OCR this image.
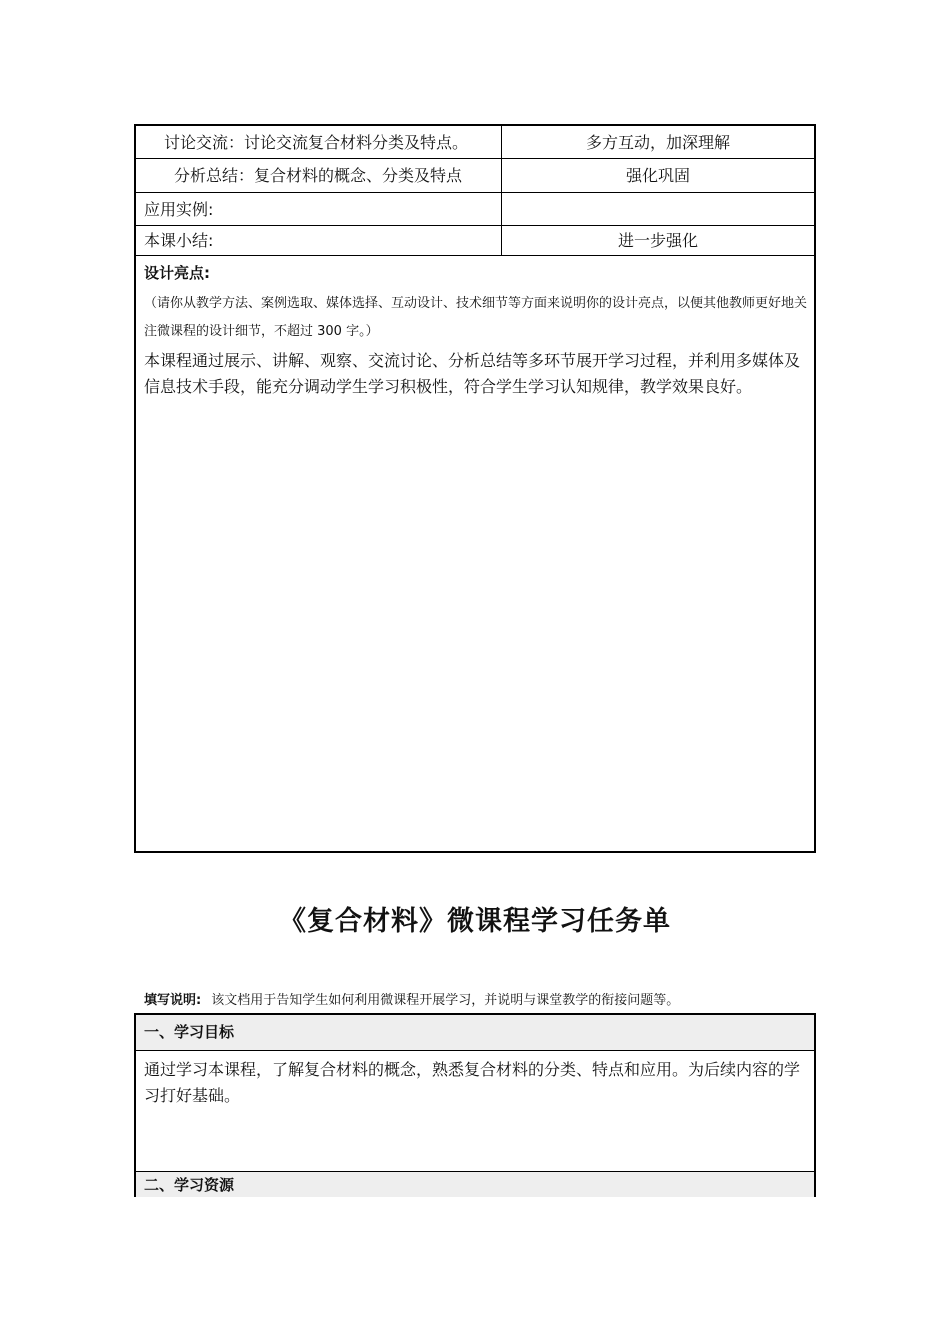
讨论交流：讨论交流复合材料分类及特点。	多方互动，加深理解
分析总结：复合材料的概念、分类及特点	强化巩固
应用实例:
本课小结:	进一步强化
设计亮点:
（请你从教学方法、案例选取、媒体选择、互动设计、技术细节等方面来说明你的设计亮点，以便其他教师更好地关注微课程的设计细节，不超过 300 字。）
本课程通过展示、讲解、观察、交流讨论、分析总结等多环节展开学习过程，并利用多媒体及信息技术手段，能充分调动学生学习积极性，符合学生学习认知规律，教学效果良好。
《复合材料》微课程学习任务单
填写说明: 该文档用于告知学生如何利用微课程开展学习，并说明与课堂教学的衔接问题等。
一、学习目标
通过学习本课程，了解复合材料的概念，熟悉复合材料的分类、特点和应用。为后续内容的学习打好基础。
二、学习资源
